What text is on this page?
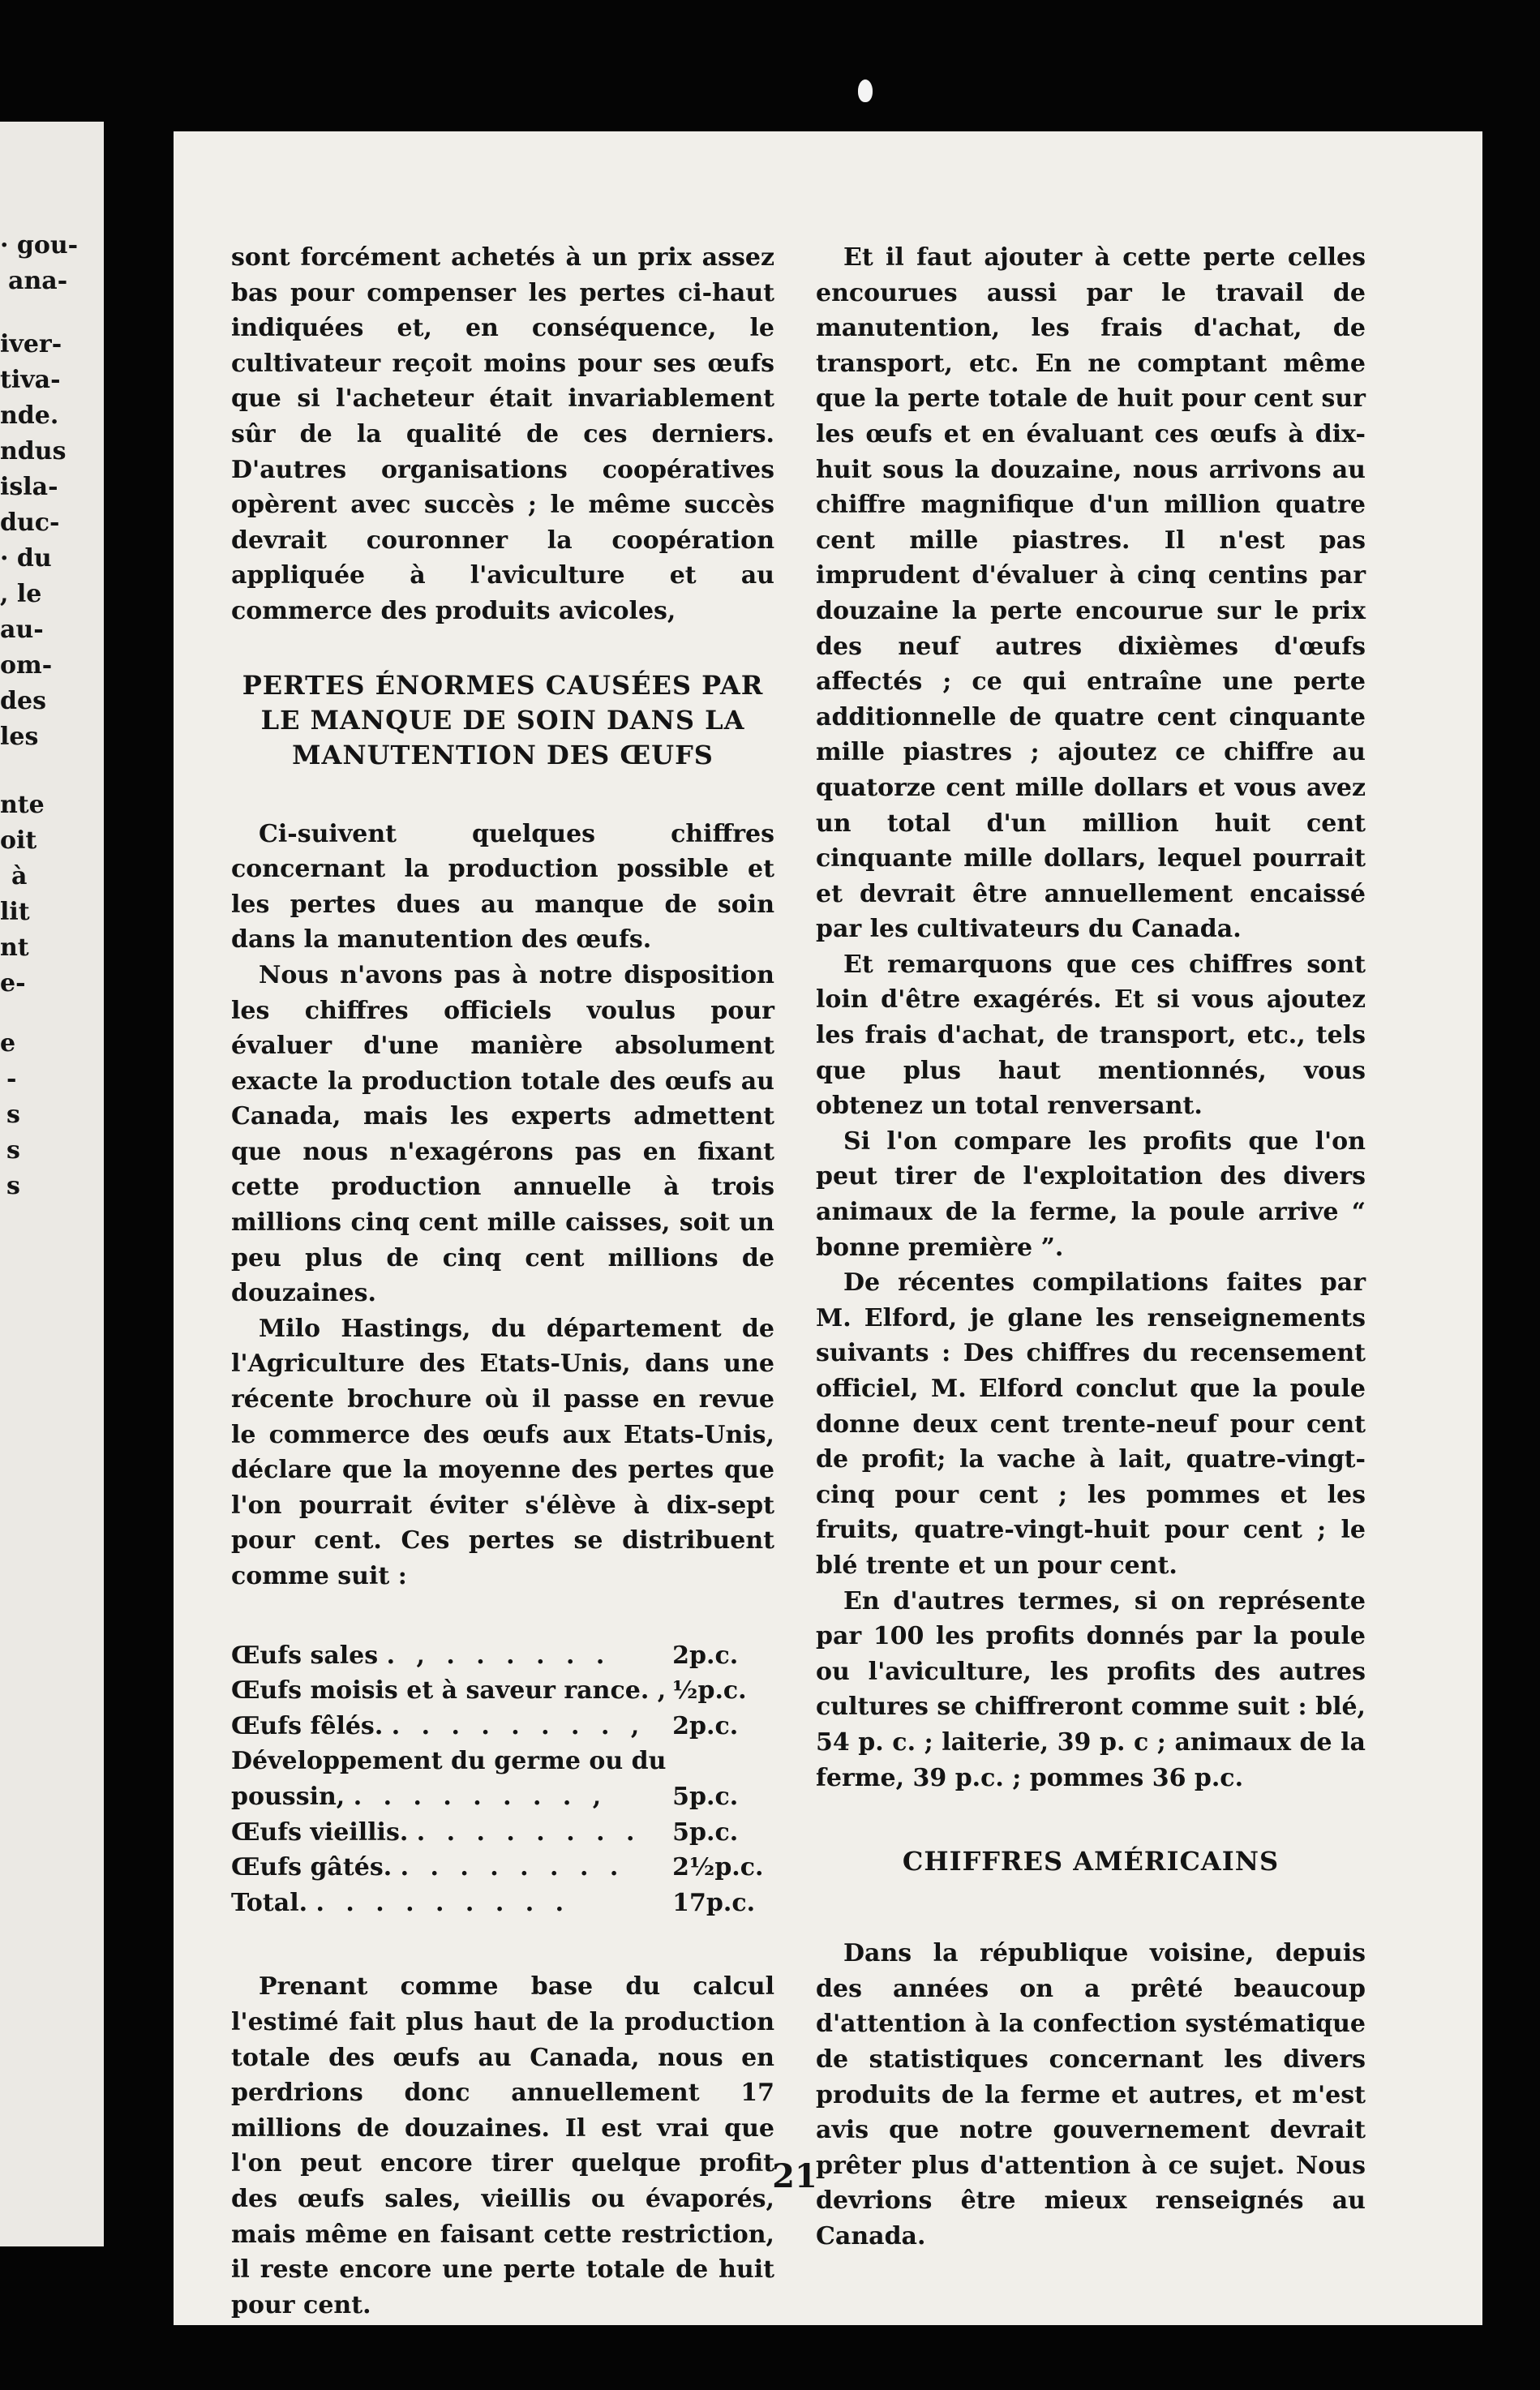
· gou-
ana-
iver-
tiva-
nde.
ndus
isla-
duc-
· du
, le
au-
om-
des
les
nte
oit
à
lit
nt
e-
e
-
s
s
s

sont forcément achetés à un prix assez bas pour compenser les pertes ci-haut indiquées et, en conséquence, le cultivateur reçoit moins pour ses œufs que si l'acheteur était invariablement sûr de la qualité de ces derniers. D'autres organisations coopératives opèrent avec succès ; le même succès devrait couronner la coopération appliquée à l'aviculture et au commerce des produits avicoles,

PERTES ÉNORMES CAUSÉES PAR LE MANQUE DE SOIN DANS LA MANUTENTION DES ŒUFS

Ci-suivent quelques chiffres concernant la production possible et les pertes dues au manque de soin dans la manutention des œufs.

Nous n'avons pas à notre disposition les chiffres officiels voulus pour évaluer d'une manière absolument exacte la production totale des œufs au Canada, mais les experts admettent que nous n'exagérons pas en fixant cette production annuelle à trois millions cinq cent mille caisses, soit un peu plus de cinq cent millions de douzaines.

Milo Hastings, du département de l'Agriculture des Etats-Unis, dans une récente brochure où il passe en revue le commerce des œufs aux Etats-Unis, déclare que la moyenne des pertes que l'on pourrait éviter s'élève à dix-sept pour cent. Ces pertes se distribuent comme suit :

Œufs sales . , . . . . . .	2p.c.
Œufs moisis et à saveur rance. ,	½p.c.
Œufs fêlés. . . . . . . . . ,	2p.c.
Développement du germe ou du	
poussin, . . . . . . . . ,	5p.c.
Œufs vieillis. . . . . . . . .	5p.c.
Œufs gâtés. . . . . . . . .	2½p.c.
Total. . . . . . . . . .	17p.c.

Prenant comme base du calcul l'estimé fait plus haut de la production totale des œufs au Canada, nous en perdrions donc annuellement 17 millions de douzaines. Il est vrai que l'on peut encore tirer quelque profit des œufs sales, vieillis ou évaporés, mais même en faisant cette restriction, il reste encore une perte totale de huit pour cent.

Et il faut ajouter à cette perte celles encourues aussi par le travail de manutention, les frais d'achat, de transport, etc. En ne comptant même que la perte totale de huit pour cent sur les œufs et en évaluant ces œufs à dix-huit sous la douzaine, nous arrivons au chiffre magnifique d'un million quatre cent mille piastres. Il n'est pas imprudent d'évaluer à cinq centins par douzaine la perte encourue sur le prix des neuf autres dixièmes d'œufs affectés ; ce qui entraîne une perte additionnelle de quatre cent cinquante mille piastres ; ajoutez ce chiffre au quatorze cent mille dollars et vous avez un total d'un million huit cent cinquante mille dollars, lequel pourrait et devrait être annuellement encaissé par les cultivateurs du Canada.

Et remarquons que ces chiffres sont loin d'être exagérés. Et si vous ajoutez les frais d'achat, de transport, etc., tels que plus haut mentionnés, vous obtenez un total renversant.

Si l'on compare les profits que l'on peut tirer de l'exploitation des divers animaux de la ferme, la poule arrive “ bonne première ”.

De récentes compilations faites par M. Elford, je glane les renseignements suivants : Des chiffres du recensement officiel, M. Elford conclut que la poule donne deux cent trente-neuf pour cent de profit; la vache à lait, quatre-vingt-cinq pour cent ; les pommes et les fruits, quatre-vingt-huit pour cent ; le blé trente et un pour cent.

En d'autres termes, si on représente par 100 les profits donnés par la poule ou l'aviculture, les profits des autres cultures se chiffreront comme suit : blé, 54 p. c. ; laiterie, 39 p. c ; animaux de la ferme, 39 p.c. ; pommes 36 p.c.

CHIFFRES AMÉRICAINS

Dans la république voisine, depuis des années on a prêté beaucoup d'attention à la confection systématique de statistiques concernant les divers produits de la ferme et autres, et m'est avis que notre gouvernement devrait prêter plus d'attention à ce sujet. Nous devrions être mieux renseignés au Canada.

21
